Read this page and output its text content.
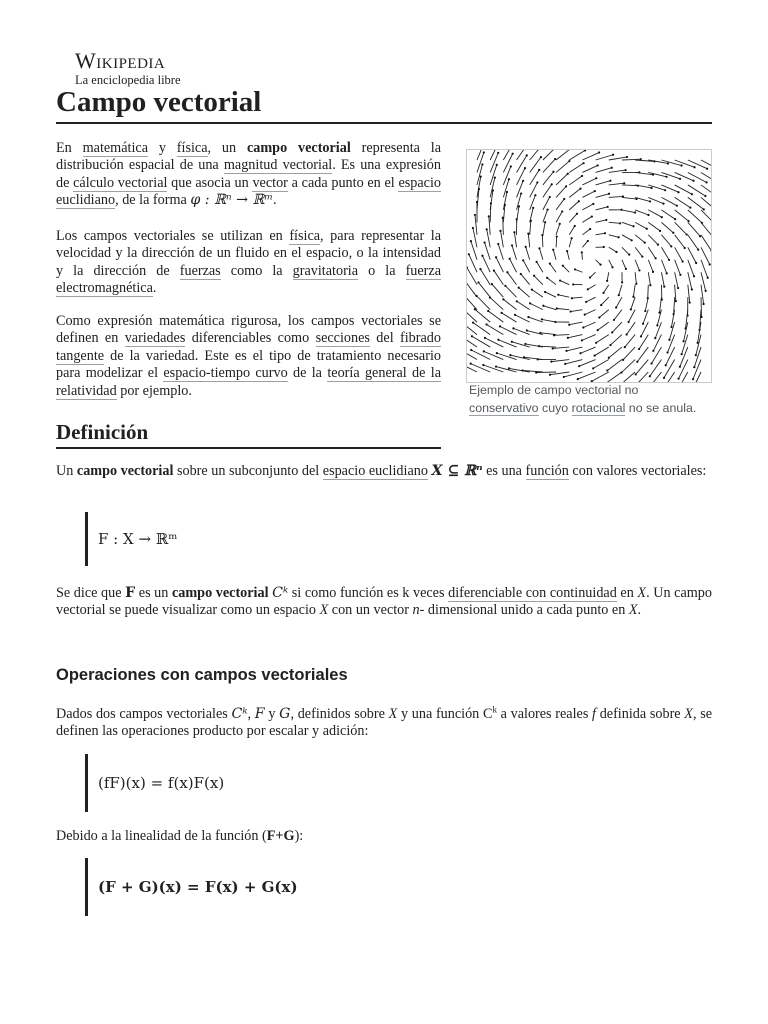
Wikipedia
La enciclopedia libre
Campo vectorial

En matemática y física, un campo vectorial representa la distribución espacial de una magnitud vectorial. Es una expresión de cálculo vectorial que asocia un vector a cada punto en el espacio euclidiano, de la forma φ : ℝⁿ → ℝᵐ.

Los campos vectoriales se utilizan en física, para representar la velocidad y la dirección de un fluido en el espacio, o la intensidad y la dirección de fuerzas como la gravitatoria o la fuerza electromagnética.

Como expresión matemática rigurosa, los campos vectoriales se definen en variedades diferenciables como secciones del fibrado tangente de la variedad. Este es el tipo de tratamiento necesario para modelizar el espacio-tiempo curvo de la teoría general de la relatividad por ejemplo.	Ejemplo de campo vectorial no conservativo cuyo rotacional no se anula.

Definición

Un campo vectorial sobre un subconjunto del espacio euclidiano X ⊆ ℝⁿ es una función con valores vectoriales:

F : X → ℝᵐ

Se dice que F es un campo vectorial Cᵏ si como función es k veces diferenciable con continuidad en X. Un campo vectorial se puede visualizar como un espacio X con un vector n- dimensional unido a cada punto en X.

Operaciones con campos vectoriales

Dados dos campos vectoriales Cᵏ, F y G, definidos sobre X y una función $C^k$ a valores reales f definida sobre X, se definen las operaciones producto por escalar y adición:

(fF)(x) = f(x)F(x)

Debido a la linealidad de la función (F+G):

(F + G)(x) = F(x) + G(x)
